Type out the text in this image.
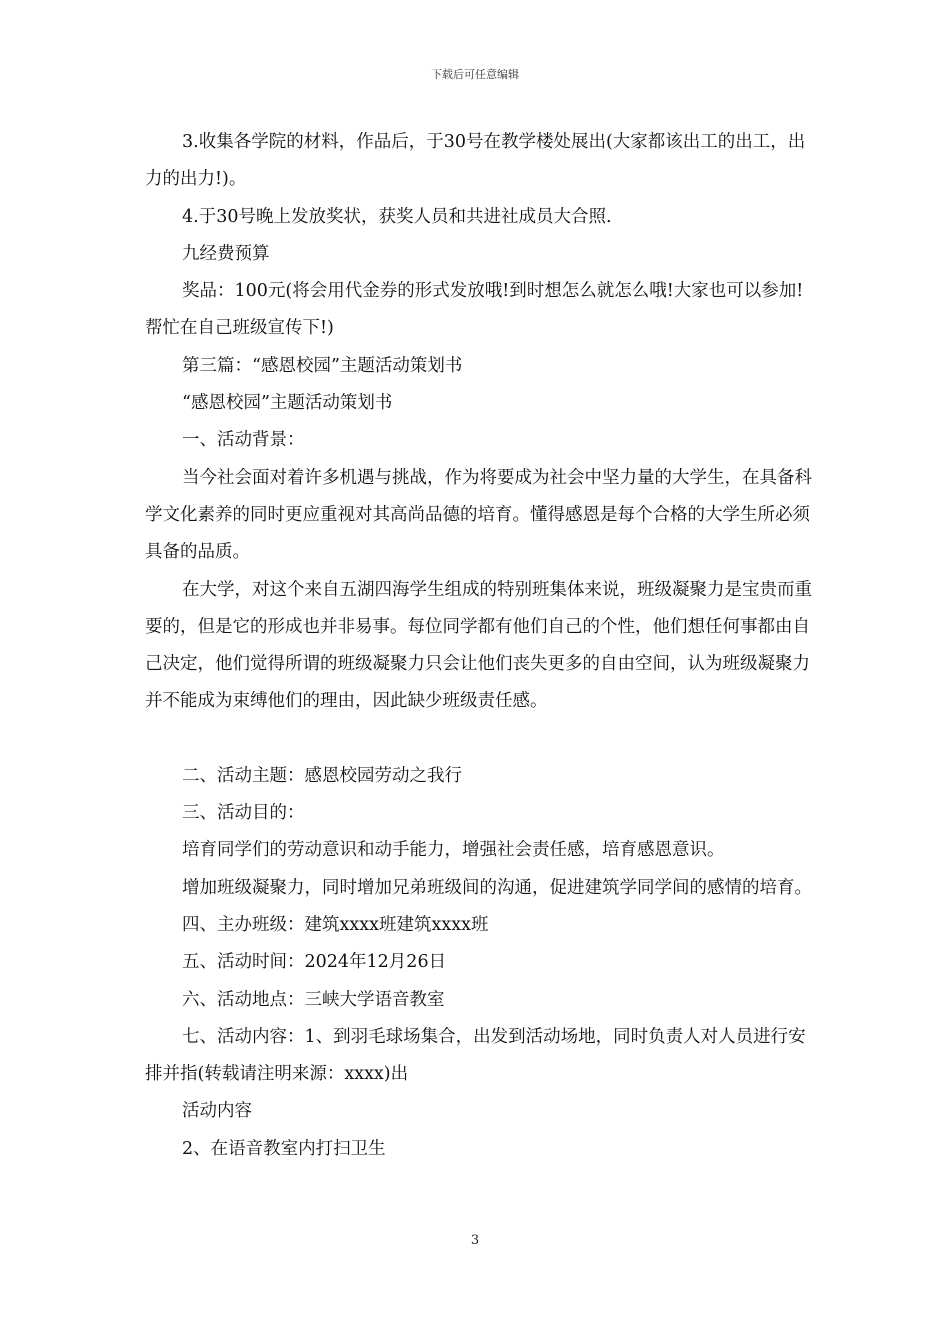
下载后可任意编辑

3.收集各学院的材料，作品后，于30号在教学楼处展出(大家都该出工的出工，出力的出力!)。

4.于30号晚上发放奖状，获奖人员和共进社成员大合照.

九经费预算

奖品：100元(将会用代金券的形式发放哦!到时想怎么就怎么哦!大家也可以参加!帮忙在自己班级宣传下!)

第三篇：“感恩校园”主题活动策划书

“感恩校园”主题活动策划书

一、活动背景：

当今社会面对着许多机遇与挑战，作为将要成为社会中坚力量的大学生，在具备科学文化素养的同时更应重视对其高尚品德的培育。懂得感恩是每个合格的大学生所必须具备的品质。

在大学，对这个来自五湖四海学生组成的特别班集体来说，班级凝聚力是宝贵而重要的，但是它的形成也并非易事。每位同学都有他们自己的个性，他们想任何事都由自己决定，他们觉得所谓的班级凝聚力只会让他们丧失更多的自由空间，认为班级凝聚力并不能成为束缚他们的理由，因此缺少班级责任感。

二、活动主题：感恩校园劳动之我行

三、活动目的：

培育同学们的劳动意识和动手能力，增强社会责任感，培育感恩意识。

增加班级凝聚力，同时增加兄弟班级间的沟通，促进建筑学同学间的感情的培育。

四、主办班级：建筑xxxx班建筑xxxx班

五、活动时间：2024年12月26日

六、活动地点：三峡大学语音教室

七、活动内容：1、到羽毛球场集合，出发到活动场地，同时负责人对人员进行安排并指(转载请注明来源：xxxx)出

活动内容

2、在语音教室内打扫卫生

3
